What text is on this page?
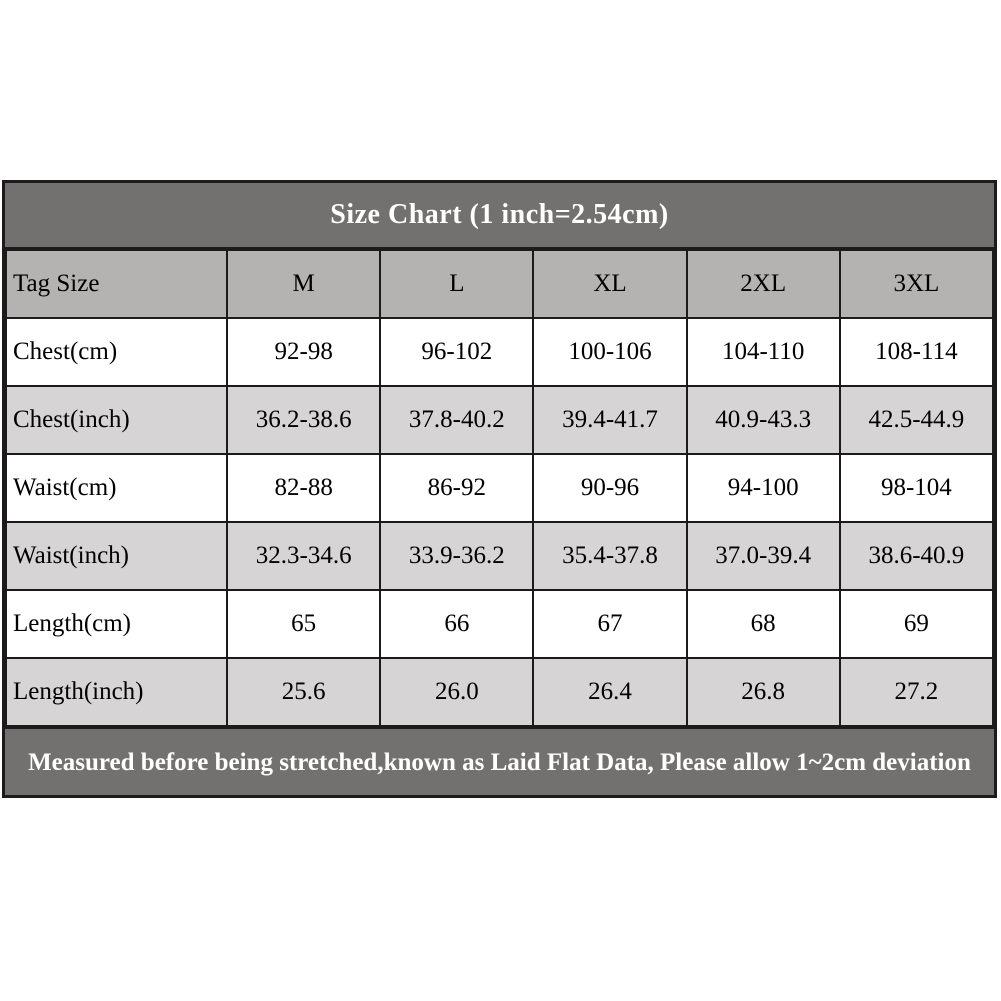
Size Chart (1 inch=2.54cm)
Tag Size	M	L	XL	2XL	3XL
Chest(cm)	92-98	96-102	100-106	104-110	108-114
Chest(inch)	36.2-38.6	37.8-40.2	39.4-41.7	40.9-43.3	42.5-44.9
Waist(cm)	82-88	86-92	90-96	94-100	98-104
Waist(inch)	32.3-34.6	33.9-36.2	35.4-37.8	37.0-39.4	38.6-40.9
Length(cm)	65	66	67	68	69
Length(inch)	25.6	26.0	26.4	26.8	27.2
Measured before being stretched,known as Laid Flat Data, Please allow 1~2cm deviation
